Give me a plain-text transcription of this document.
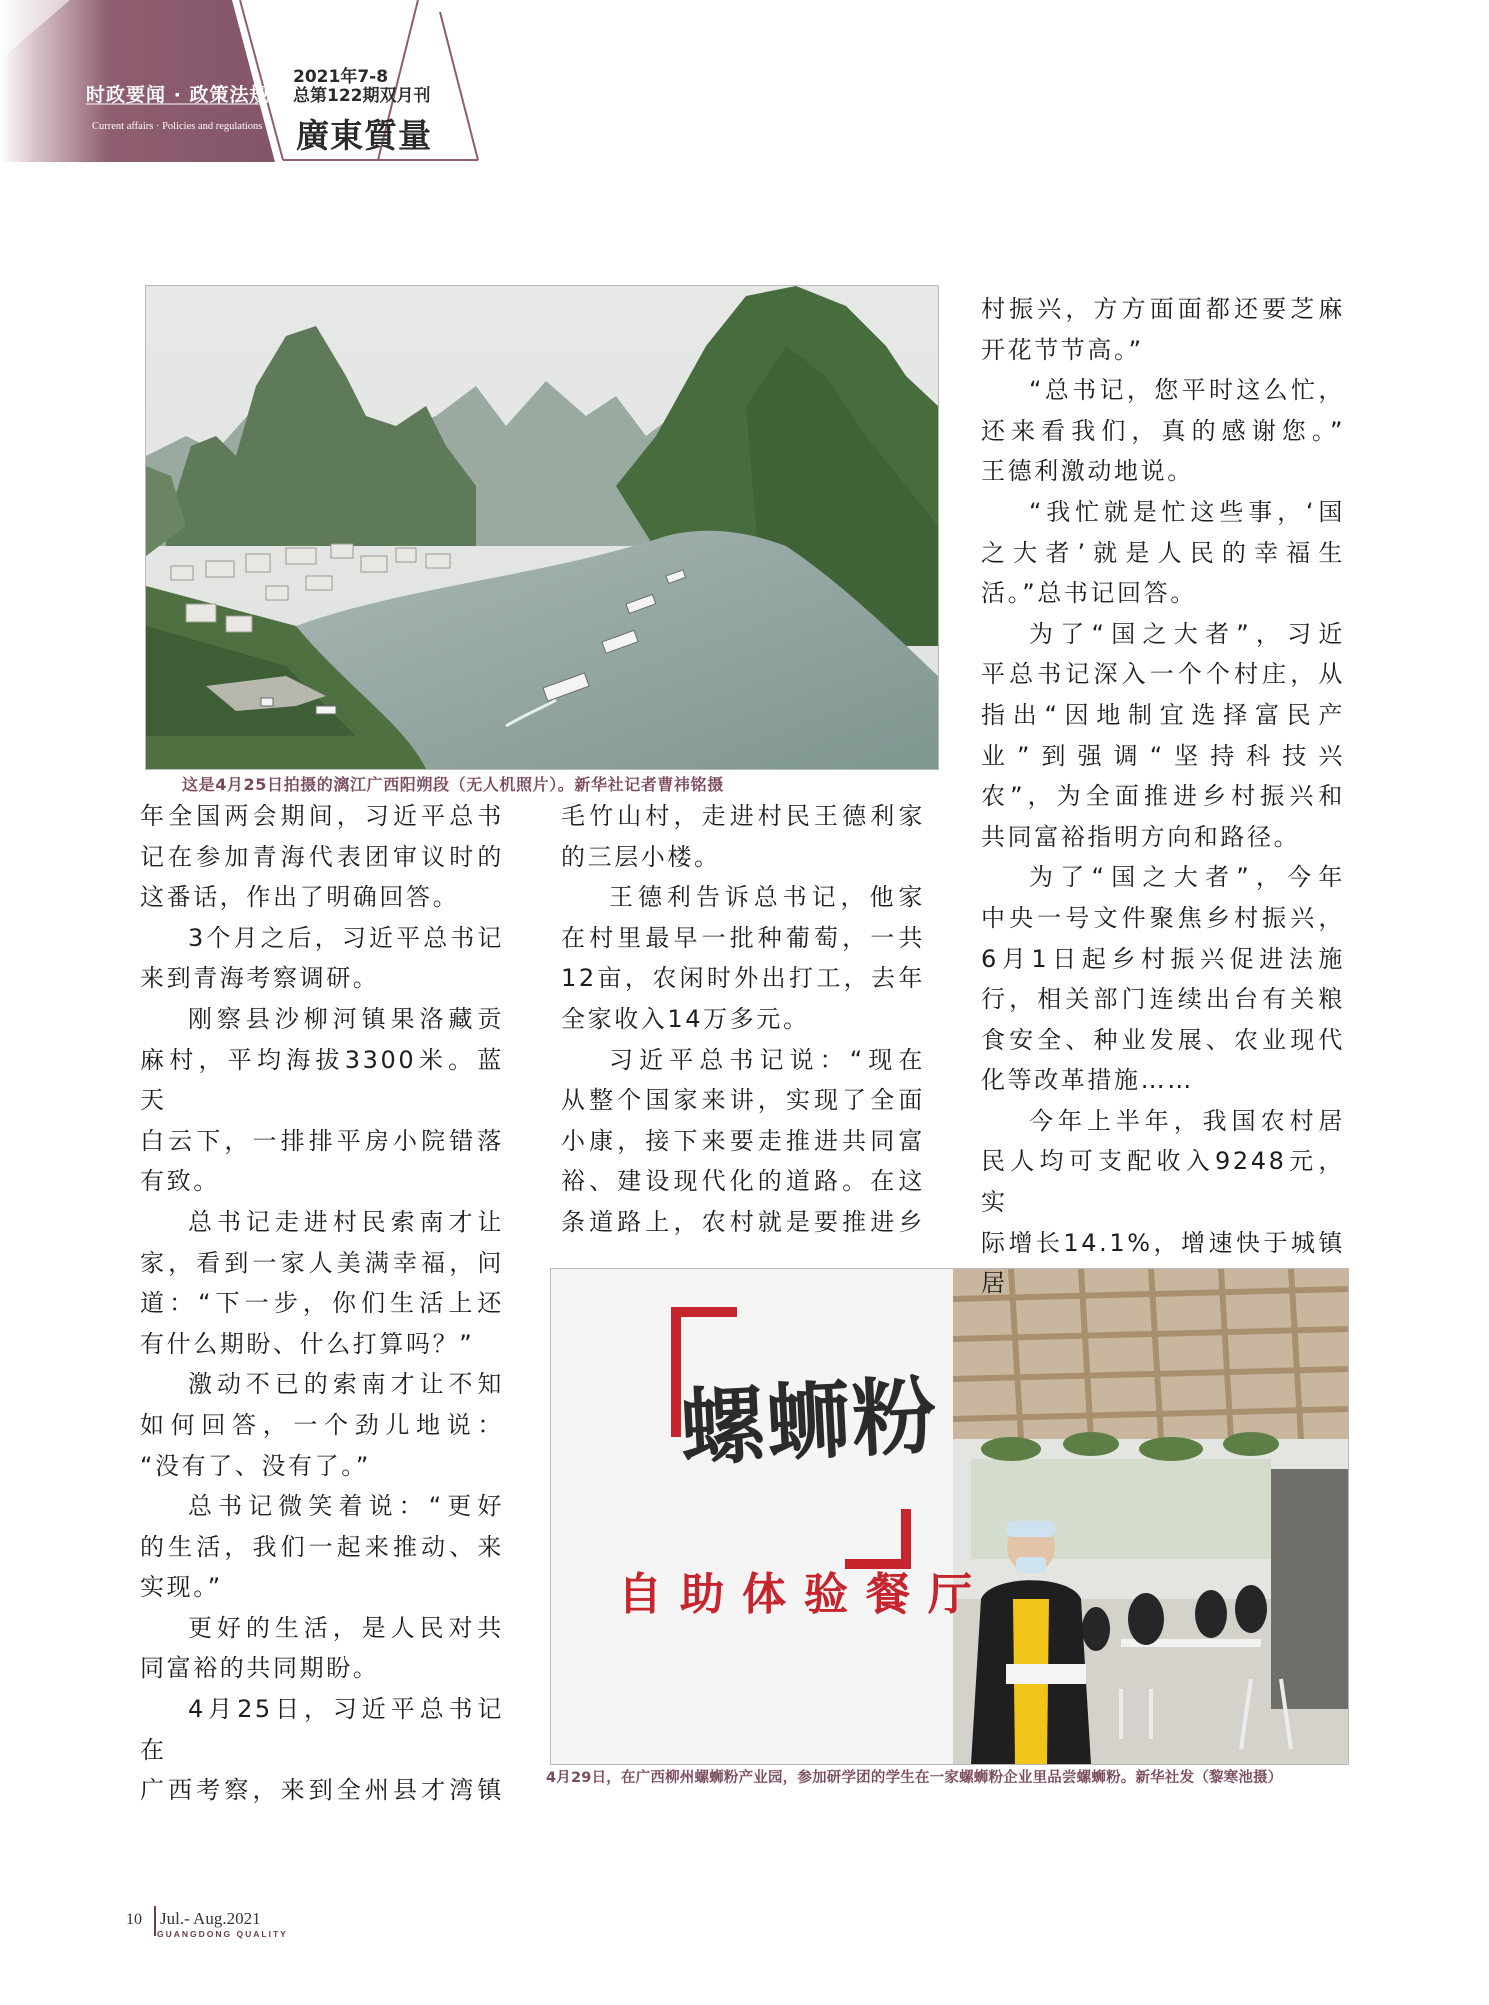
时政要闻 · 政策法规
Current affairs · Policies and regulations
2021年7-8
总第122期双月刊
廣東質量
这是4月25日拍摄的漓江广西阳朔段（无人机照片）。新华社记者曹祎铭摄
螺蛳粉
自助体验餐厅
4月29日，在广西柳州螺蛳粉产业园，参加研学团的学生在一家螺蛳粉企业里品尝螺蛳粉。新华社发（黎寒池摄）

年全国两会期间，习近平总书

记在参加青海代表团审议时的

这番话，作出了明确回答。

3个月之后，习近平总书记

来到青海考察调研。

刚察县沙柳河镇果洛藏贡

麻村，平均海拔3300米。蓝天

白云下，一排排平房小院错落

有致。

总书记走进村民索南才让

家，看到一家人美满幸福，问

道：“下一步，你们生活上还

有什么期盼、什么打算吗？”

激动不已的索南才让不知

如何回答，一个劲儿地说：

“没有了、没有了。”

总书记微笑着说：“更好

的生活，我们一起来推动、来

实现。”

更好的生活，是人民对共

同富裕的共同期盼。

4月25日，习近平总书记在

广西考察，来到全州县才湾镇

毛竹山村，走进村民王德利家

的三层小楼。

王德利告诉总书记，他家

在村里最早一批种葡萄，一共

12亩，农闲时外出打工，去年

全家收入14万多元。

习近平总书记说：“现在

从整个国家来讲，实现了全面

小康，接下来要走推进共同富

裕、建设现代化的道路。在这

条道路上，农村就是要推进乡

村振兴，方方面面都还要芝麻

开花节节高。”

“总书记，您平时这么忙，

还来看我们，真的感谢您。”

王德利激动地说。

“我忙就是忙这些事，‘国

之大者’就是人民的幸福生

活。”总书记回答。

为了“国之大者”，习近

平总书记深入一个个村庄，从

指出“因地制宜选择富民产

业”到强调“坚持科技兴

农”，为全面推进乡村振兴和

共同富裕指明方向和路径。

为了“国之大者”，今年

中央一号文件聚焦乡村振兴，

6月1日起乡村振兴促进法施

行，相关部门连续出台有关粮

食安全、种业发展、农业现代

化等改革措施……

今年上半年，我国农村居

民人均可支配收入9248元，实

际增长14.1%，增速快于城镇居

10 Jul.- Aug.2021
GUANGDONG QUALITY
